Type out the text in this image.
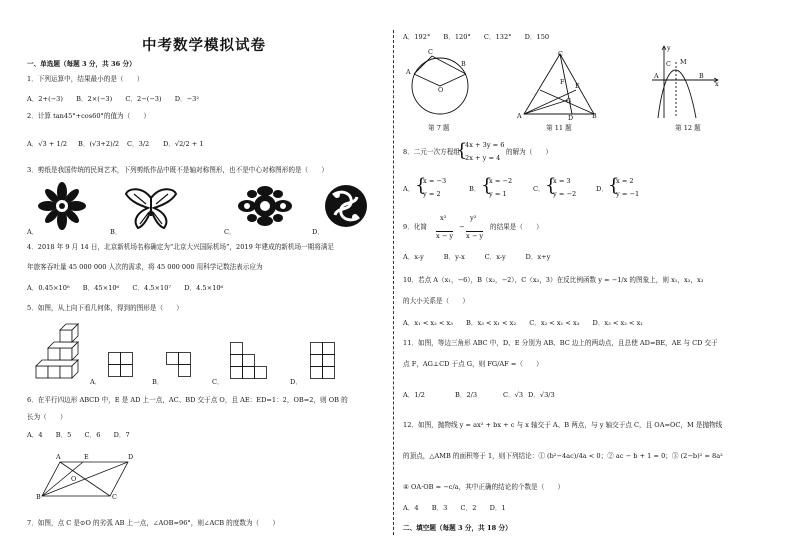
中考数学模拟试卷
一、单选题（每题 3 分，共 36 分）
1．下列运算中，结果最小的是（　　）
A．2+(−3)　　B．2×(−3)　　C．2−(−3)　　D．−3²
2．计算 tan45°+cos60°的值为（　　）
A．√3 + 1/2 B．(√3+2)/2 C．3/2 D．√2/2 + 1
3．剪纸是我国传统的民间艺术，下列剪纸作品中既不是轴对称图形，也不是中心对称图形的是（　　）
A．	B．	C．	D．
4．2018 年 9 月 14 日，北京新机场名称确定为“北京大兴国际机场”，2019 年建成的新机场一期将满足
年旅客吞吐量 45 000 000 人次的需求，将 45 000 000 用科学记数法表示应为
A．0.45×10⁸　　B．45×10⁶　　C．4.5×10⁷　　D．4.5×10⁶
5．如图，从上向下看几何体，得到的图形是（　　）
A．	B．	C．	D．
6．在平行四边形 ABCD 中，E 是 AD 上一点，AC、BD 交于点 O，且 AE：ED=1：2，OB=2，则 OB 的
长为（　　）
A．4　　B．5　　C．6　　D．7
A	E	D
O
B	C
7．如图，点 C 是⊙O 的劣弧 AB 上一点，∠AOB=96°，则∠ACB 的度数为（　　）
A．192°　　B．120°　　C．132°　　D．150
C
A
B
O
第 7 题
C
E
F
G
A	D	B
第 11 题
y
M
C
A	B
x
第 12 题
8．二元一次方程组
{
4x + 3y = 6
2x + y = 4
的解为（　　）
A． {
x = −3
y = 2
B． {
x = −2
y = 1
C． {
x = 3
y = −2
D． {
x = 2
y = −1
9．化简
x²
x − y
−
y²
x − y
的结果是（　　）
A．x-y　　　B．y-x　　　C．x-y　　　D．x+y
10．若点 A（x₁，−6），B（x₂，−2），C（x₃，3）在反比例函数 y = −1/x 的图象上，则 x₁，x₃，x₃
的大小关系是（　　）
A．x₁ < x₂ < x₃　　B．x₃ < x₁ < x₂　　C．x₂ < x₁ < x₃　　D．x₃ < x₂ < x₁
11．如图，等边三角形 ABC 中，D、E 分别为 AB、BC 边上的两动点，且总使 AD=BE，AE 与 CD 交于
点 F，AG⊥CD 于点 G，则 FG/AF =（　　）
A．1/2	B．2/3	C．√3 D．√3/3
12．如图，抛物线 y = ax² + bx + c 与 x 轴交于 A、B 两点，与 y 轴交于点 C，且 OA=OC，M 是抛物线
的顶点，△AMB 的面积等于 1，则下列结论：① (b²−4ac)/4a < 0；② ac − b + 1 = 0；③ (2−b)² = 8a²
④ OA·OB = −c/a，其中正确的结论的个数是（　　）
A．4　　B．3　　C．2　　D．1
二、填空题（每题 3 分，共 18 分）
